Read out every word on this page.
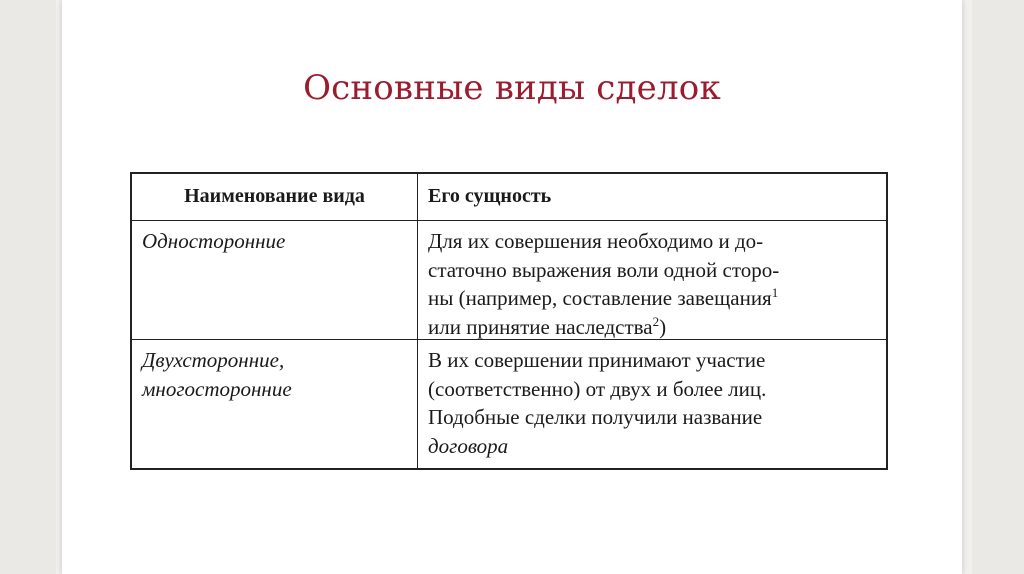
Основные виды сделок
Наименование вида	Его сущность
Односторонние	Для их совершения необходимо и до-
статочно выражения воли одной сторо-
ны (например, составление завещания$^1$
или принятие наследства$^2$)
Двухсторонние,
многосторонние
В их совершении принимают участие
(соответственно) от двух и более лиц.
Подобные сделки получили название
договора
